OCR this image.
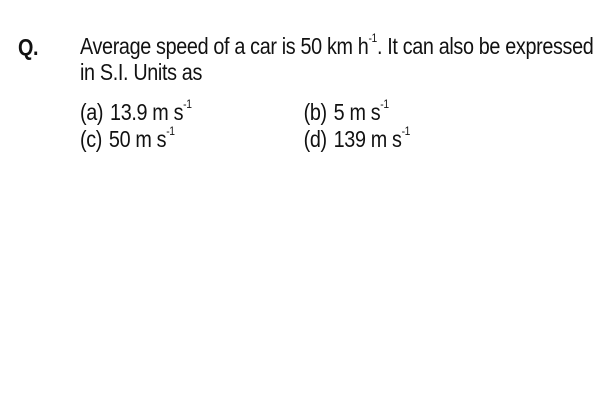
Q. Average speed of a car is 50 km $h^{-1}$. It can also be expressed
in S.I. Units as
(a) 13.9 m $s^{-1}$	(b) 5 m $s^{-1}$
(c) 50 m $s^{-1}$	(d) 139 m $s^{-1}$
